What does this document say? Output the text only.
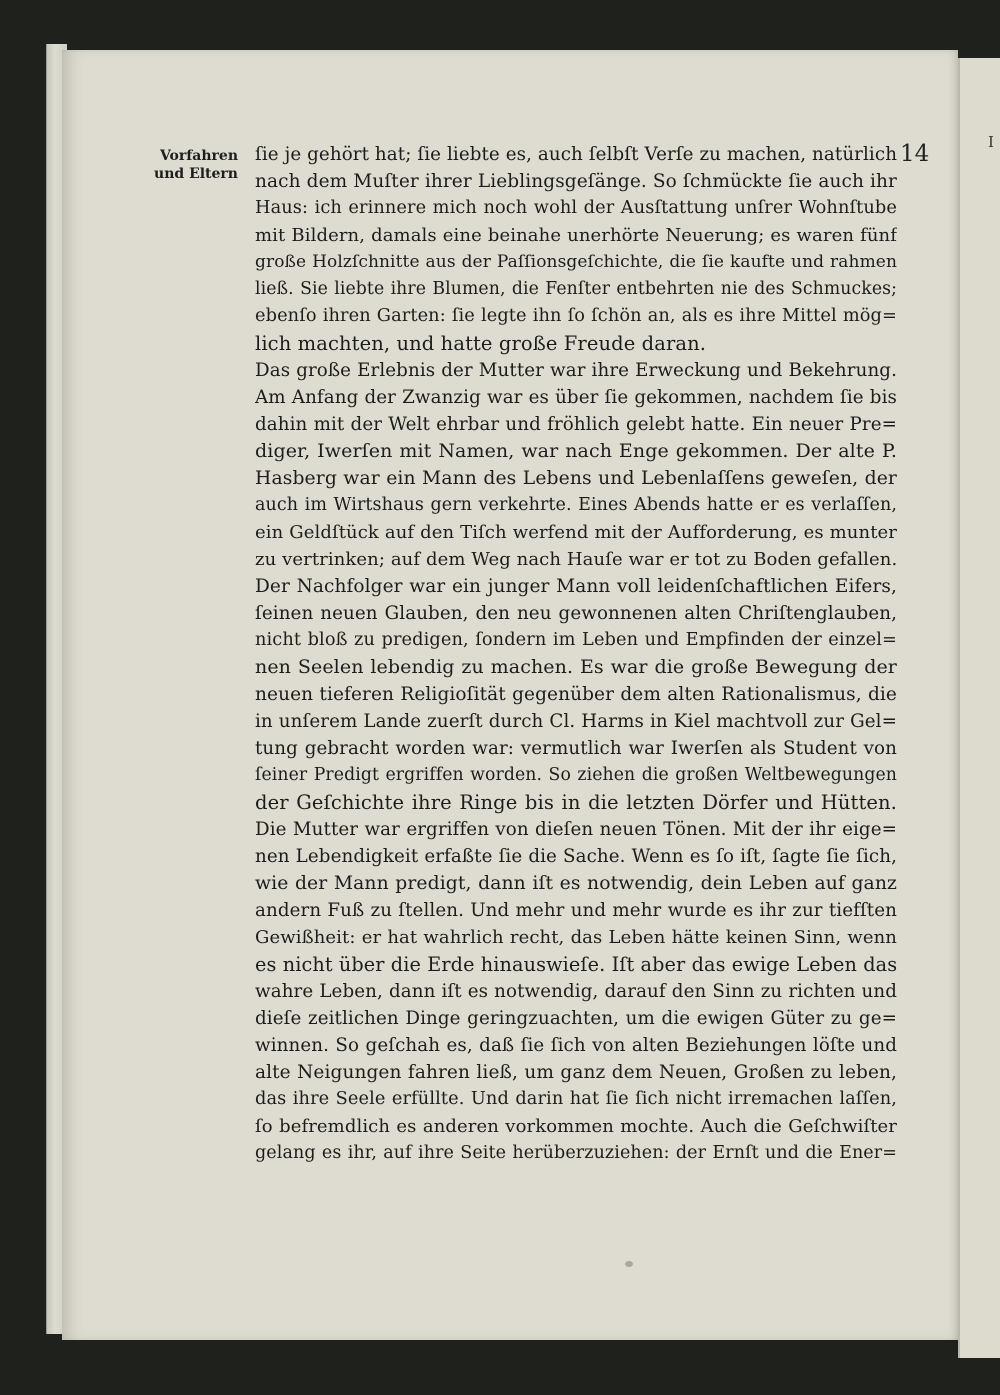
I
Vorfahren
und Eltern
14
ſie je gehört hat; ſie liebte es, auch ſelbſt Verſe zu machen, natürlich
nach dem Muſter ihrer Lieblingsgeſänge. So ſchmückte ſie auch ihr
Haus: ich erinnere mich noch wohl der Ausſtattung unſrer Wohnſtube
mit Bildern, damals eine beinahe unerhörte Neuerung; es waren fünf
große Holzſchnitte aus der Paſſionsgeſchichte, die ſie kaufte und rahmen
ließ. Sie liebte ihre Blumen, die Fenſter entbehrten nie des Schmuckes;
ebenſo ihren Garten: ſie legte ihn ſo ſchön an, als es ihre Mittel mög=
lich machten, und hatte große Freude daran.
Das große Erlebnis der Mutter war ihre Erweckung und Bekehrung.
Am Anfang der Zwanzig war es über ſie gekommen, nachdem ſie bis
dahin mit der Welt ehrbar und fröhlich gelebt hatte. Ein neuer Pre=
diger, Iwerſen mit Namen, war nach Enge gekommen. Der alte P.
Hasberg war ein Mann des Lebens und Lebenlaſſens geweſen, der
auch im Wirtshaus gern verkehrte. Eines Abends hatte er es verlaſſen,
ein Geldſtück auf den Tiſch werfend mit der Aufforderung, es munter
zu vertrinken; auf dem Weg nach Hauſe war er tot zu Boden gefallen.
Der Nachfolger war ein junger Mann voll leidenſchaftlichen Eifers,
ſeinen neuen Glauben, den neu gewonnenen alten Chriſtenglauben,
nicht bloß zu predigen, ſondern im Leben und Empfinden der einzel=
nen Seelen lebendig zu machen. Es war die große Bewegung der
neuen tieferen Religioſität gegenüber dem alten Rationalismus, die
in unſerem Lande zuerſt durch Cl. Harms in Kiel machtvoll zur Gel=
tung gebracht worden war: vermutlich war Iwerſen als Student von
ſeiner Predigt ergriffen worden. So ziehen die großen Weltbewegungen
der Geſchichte ihre Ringe bis in die letzten Dörfer und Hütten.
Die Mutter war ergriffen von dieſen neuen Tönen. Mit der ihr eige=
nen Lebendigkeit erfaßte ſie die Sache. Wenn es ſo iſt, ſagte ſie ſich,
wie der Mann predigt, dann iſt es notwendig, dein Leben auf ganz
andern Fuß zu ſtellen. Und mehr und mehr wurde es ihr zur tiefſten
Gewißheit: er hat wahrlich recht, das Leben hätte keinen Sinn, wenn
es nicht über die Erde hinauswieſe. Iſt aber das ewige Leben das
wahre Leben, dann iſt es notwendig, darauf den Sinn zu richten und
dieſe zeitlichen Dinge geringzuachten, um die ewigen Güter zu ge=
winnen. So geſchah es, daß ſie ſich von alten Beziehungen löſte und
alte Neigungen fahren ließ, um ganz dem Neuen, Großen zu leben,
das ihre Seele erfüllte. Und darin hat ſie ſich nicht irremachen laſſen,
ſo befremdlich es anderen vorkommen mochte. Auch die Geſchwiſter
gelang es ihr, auf ihre Seite herüberzuziehen: der Ernſt und die Ener=
